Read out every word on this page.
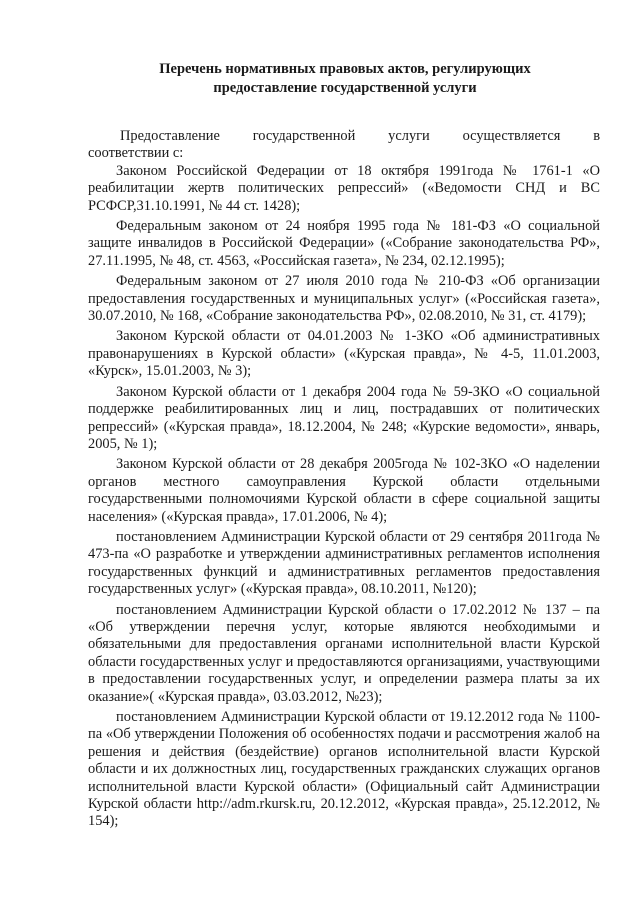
Перечень нормативных правовых актов, регулирующих
предоставление государственной услуги
Предоставление государственной услуги осуществляется в
соответствии с:
Законом Российской Федерации от 18 октября 1991года № 1761-1 «О реабилитации жертв политических репрессий» («Ведомости СНД и ВС РСФСР,31.10.1991, № 44 ст. 1428);
Федеральным законом от 24 ноября 1995 года № 181-ФЗ «О социальной защите инвалидов в Российской Федерации» («Собрание законодательства РФ», 27.11.1995, № 48, ст. 4563, «Российская газета», № 234, 02.12.1995);
Федеральным законом от 27 июля 2010 года № 210-ФЗ «Об организации предоставления государственных и муниципальных услуг» («Российская газета», 30.07.2010, № 168, «Собрание законодательства РФ», 02.08.2010, № 31, ст. 4179);
Законом Курской области от 04.01.2003 № 1-ЗКО «Об административных правонарушениях в Курской области» («Курская правда», № 4-5, 11.01.2003, «Курск», 15.01.2003, № 3);
Законом Курской области от 1 декабря 2004 года № 59-ЗКО «О социальной поддержке реабилитированных лиц и лиц, пострадавших от политических репрессий» («Курская правда», 18.12.2004, № 248; «Курские ведомости», январь, 2005, № 1);
Законом Курской области от 28 декабря 2005года № 102-ЗКО «О наделении органов местного самоуправления Курской области отдельными государственными полномочиями Курской области в сфере социальной защиты населения» («Курская правда», 17.01.2006, № 4);
постановлением Администрации Курской области от 29 сентября 2011года № 473-па «О разработке и утверждении административных регламентов исполнения государственных функций и административных регламентов предоставления государственных услуг» («Курская правда», 08.10.2011, №120);
постановлением Администрации Курской области о 17.02.2012 № 137 – па «Об утверждении перечня услуг, которые являются необходимыми и обязательными для предоставления органами исполнительной власти Курской области государственных услуг и предоставляются организациями, участвующими в предоставлении государственных услуг, и определении размера платы за их оказание»( «Курская правда», 03.03.2012, №23);
постановлением Администрации Курской области от 19.12.2012 года № 1100-па «Об утверждении Положения об особенностях подачи и рассмотрения жалоб на решения и действия (бездействие) органов исполнительной власти Курской области и их должностных лиц, государственных гражданских служащих органов исполнительной власти Курской области» (Официальный сайт Администрации Курской области http://adm.rkursk.ru, 20.12.2012, «Курская правда», 25.12.2012, № 154);
